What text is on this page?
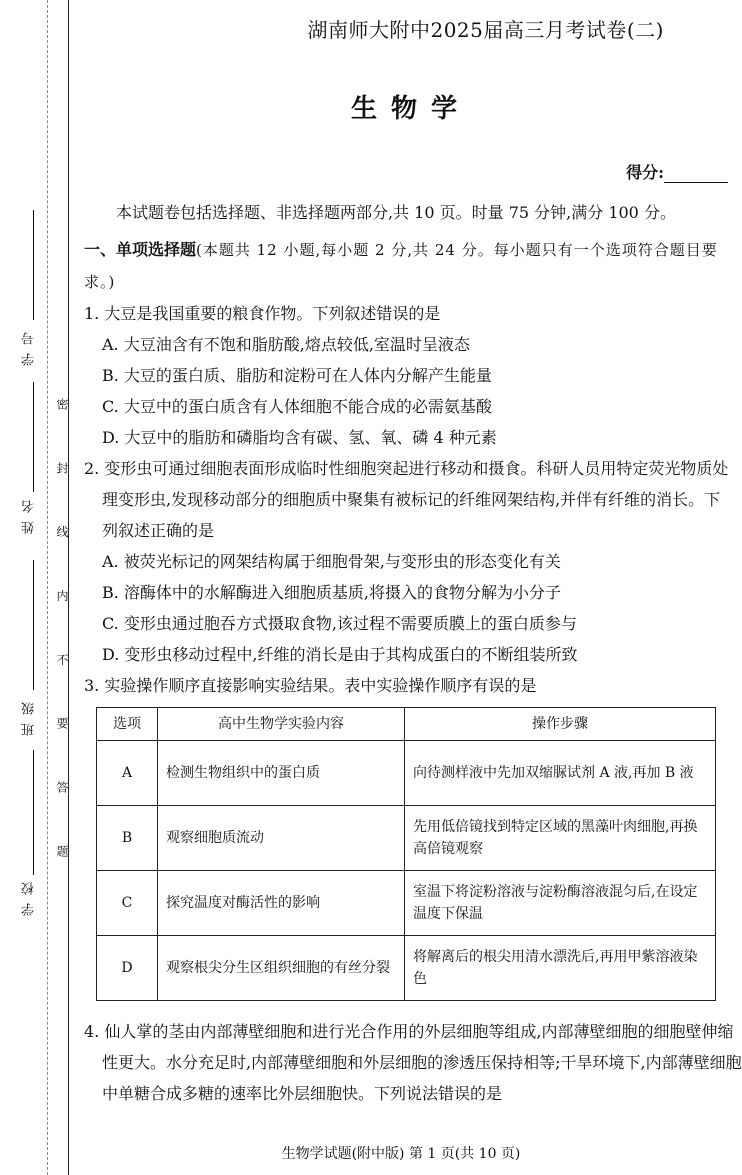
学 号
姓 名
班 级
学 校
密 封 线 内 不 要 答 题
湖南师大附中2025届高三月考试卷(二)
生物学
得分:
本试题卷包括选择题、非选择题两部分,共 10 页。时量 75 分钟,满分 100 分。
一、单项选择题(本题共 12 小题,每小题 2 分,共 24 分。每小题只有一个选项符合题目要求。)
1. 大豆是我国重要的粮食作物。下列叙述错误的是
A. 大豆油含有不饱和脂肪酸,熔点较低,室温时呈液态
B. 大豆的蛋白质、脂肪和淀粉可在人体内分解产生能量
C. 大豆中的蛋白质含有人体细胞不能合成的必需氨基酸
D. 大豆中的脂肪和磷脂均含有碳、氢、氧、磷 4 种元素
2. 变形虫可通过细胞表面形成临时性细胞突起进行移动和摄食。科研人员用特定荧光物质处理变形虫,发现移动部分的细胞质中聚集有被标记的纤维网架结构,并伴有纤维的消长。下列叙述正确的是
A. 被荧光标记的网架结构属于细胞骨架,与变形虫的形态变化有关
B. 溶酶体中的水解酶进入细胞质基质,将摄入的食物分解为小分子
C. 变形虫通过胞吞方式摄取食物,该过程不需要质膜上的蛋白质参与
D. 变形虫移动过程中,纤维的消长是由于其构成蛋白的不断组装所致
3. 实验操作顺序直接影响实验结果。表中实验操作顺序有误的是
选项	高中生物学实验内容	操作步骤
A	检测生物组织中的蛋白质	向待测样液中先加双缩脲试剂 A 液,再加 B 液
B	观察细胞质流动	先用低倍镜找到特定区域的黑藻叶肉细胞,再换高倍镜观察
C	探究温度对酶活性的影响	室温下将淀粉溶液与淀粉酶溶液混匀后,在设定温度下保温
D	观察根尖分生区组织细胞的有丝分裂	将解离后的根尖用清水漂洗后,再用甲紫溶液染色
4. 仙人掌的茎由内部薄壁细胞和进行光合作用的外层细胞等组成,内部薄壁细胞的细胞壁伸缩性更大。水分充足时,内部薄壁细胞和外层细胞的渗透压保持相等;干旱环境下,内部薄壁细胞中单糖合成多糖的速率比外层细胞快。下列说法错误的是
生物学试题(附中版) 第 1 页(共 10 页)
